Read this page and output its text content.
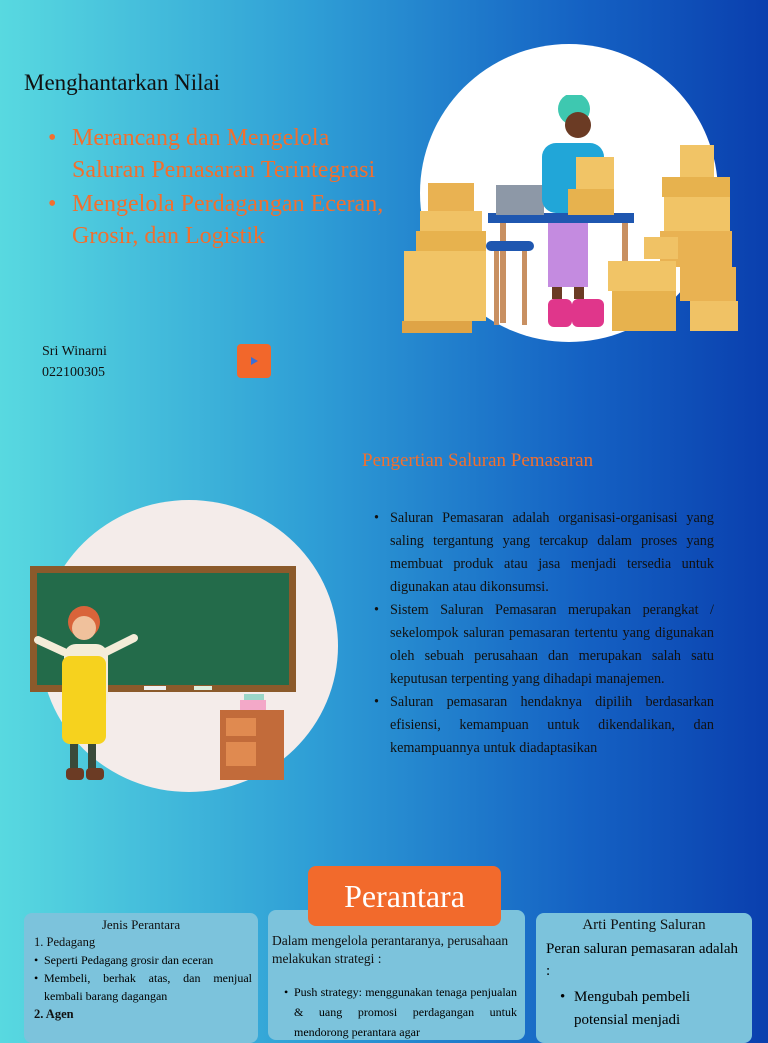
Menghantarkan Nilai
• Merancang dan Mengelola Saluran Pemasaran Terintegrasi
• Mengelola Perdagangan Eceran, Grosir, dan Logistik
Sri Winarni
022100305
Pengertian Saluran Pemasaran
• Saluran Pemasaran adalah organisasi-organisasi yang saling tergantung yang tercakup dalam proses yang membuat produk atau jasa menjadi tersedia untuk digunakan atau dikonsumsi.
• Sistem Saluran Pemasaran merupakan perangkat / sekelompok saluran pemasaran tertentu yang digunakan oleh sebuah perusahaan dan merupakan salah satu keputusan terpenting yang dihadapi manajemen.
• Saluran pemasaran hendaknya dipilih berdasarkan efisiensi, kemampuan untuk dikendalikan, dan kemampuannya untuk diadaptasikan
Jenis Perantara
1. Pedagang
• Seperti Pedagang grosir dan eceran
• Membeli, berhak atas, dan menjual kembali barang dagangan
2. Agen
Dalam mengelola perantaranya, perusahaan melakukan strategi :
• Push strategy: menggunakan tenaga penjualan & uang promosi perdagangan untuk mendorong perantara agar
Arti Penting Saluran
Peran saluran pemasaran adalah :
• Mengubah pembeli potensial menjadi
Perantara
